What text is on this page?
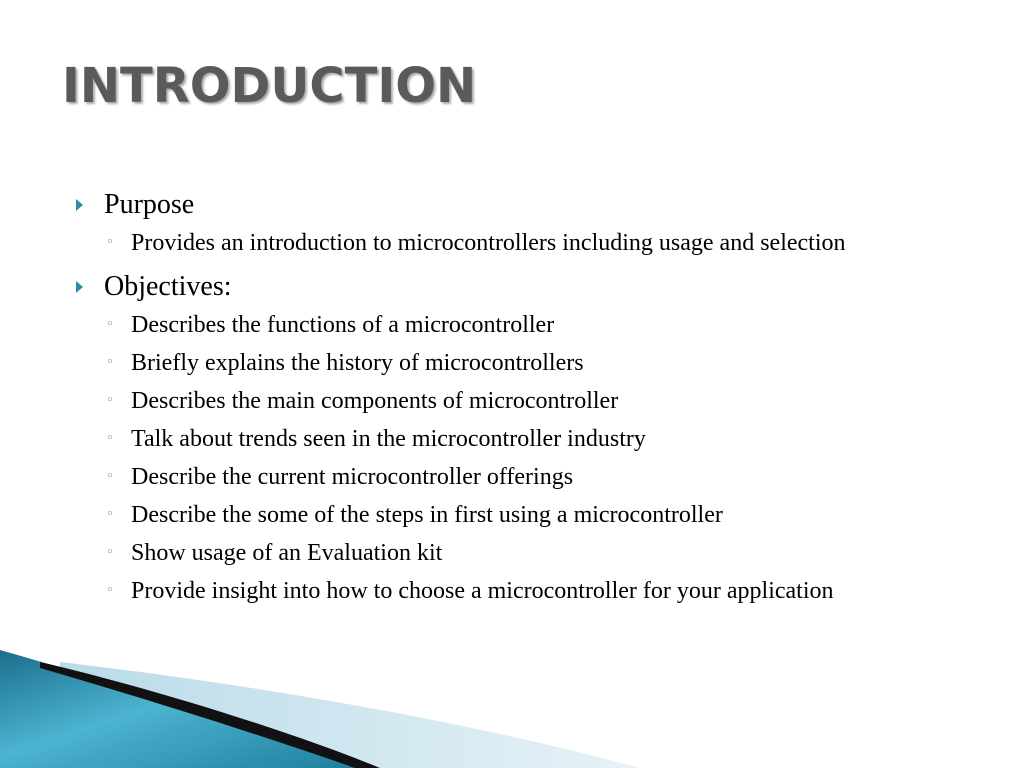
INTRODUCTION
Purpose
◦ Provides an introduction to microcontrollers including usage and selection
Objectives:
◦ Describes the functions of a microcontroller
◦ Briefly explains the history of microcontrollers
◦ Describes the main components of microcontroller
◦ Talk about trends seen in the microcontroller industry
◦ Describe the current microcontroller offerings
◦ Describe the some of the steps in first using a microcontroller
◦ Show usage of an Evaluation kit
◦ Provide insight into how to choose a microcontroller for your application
